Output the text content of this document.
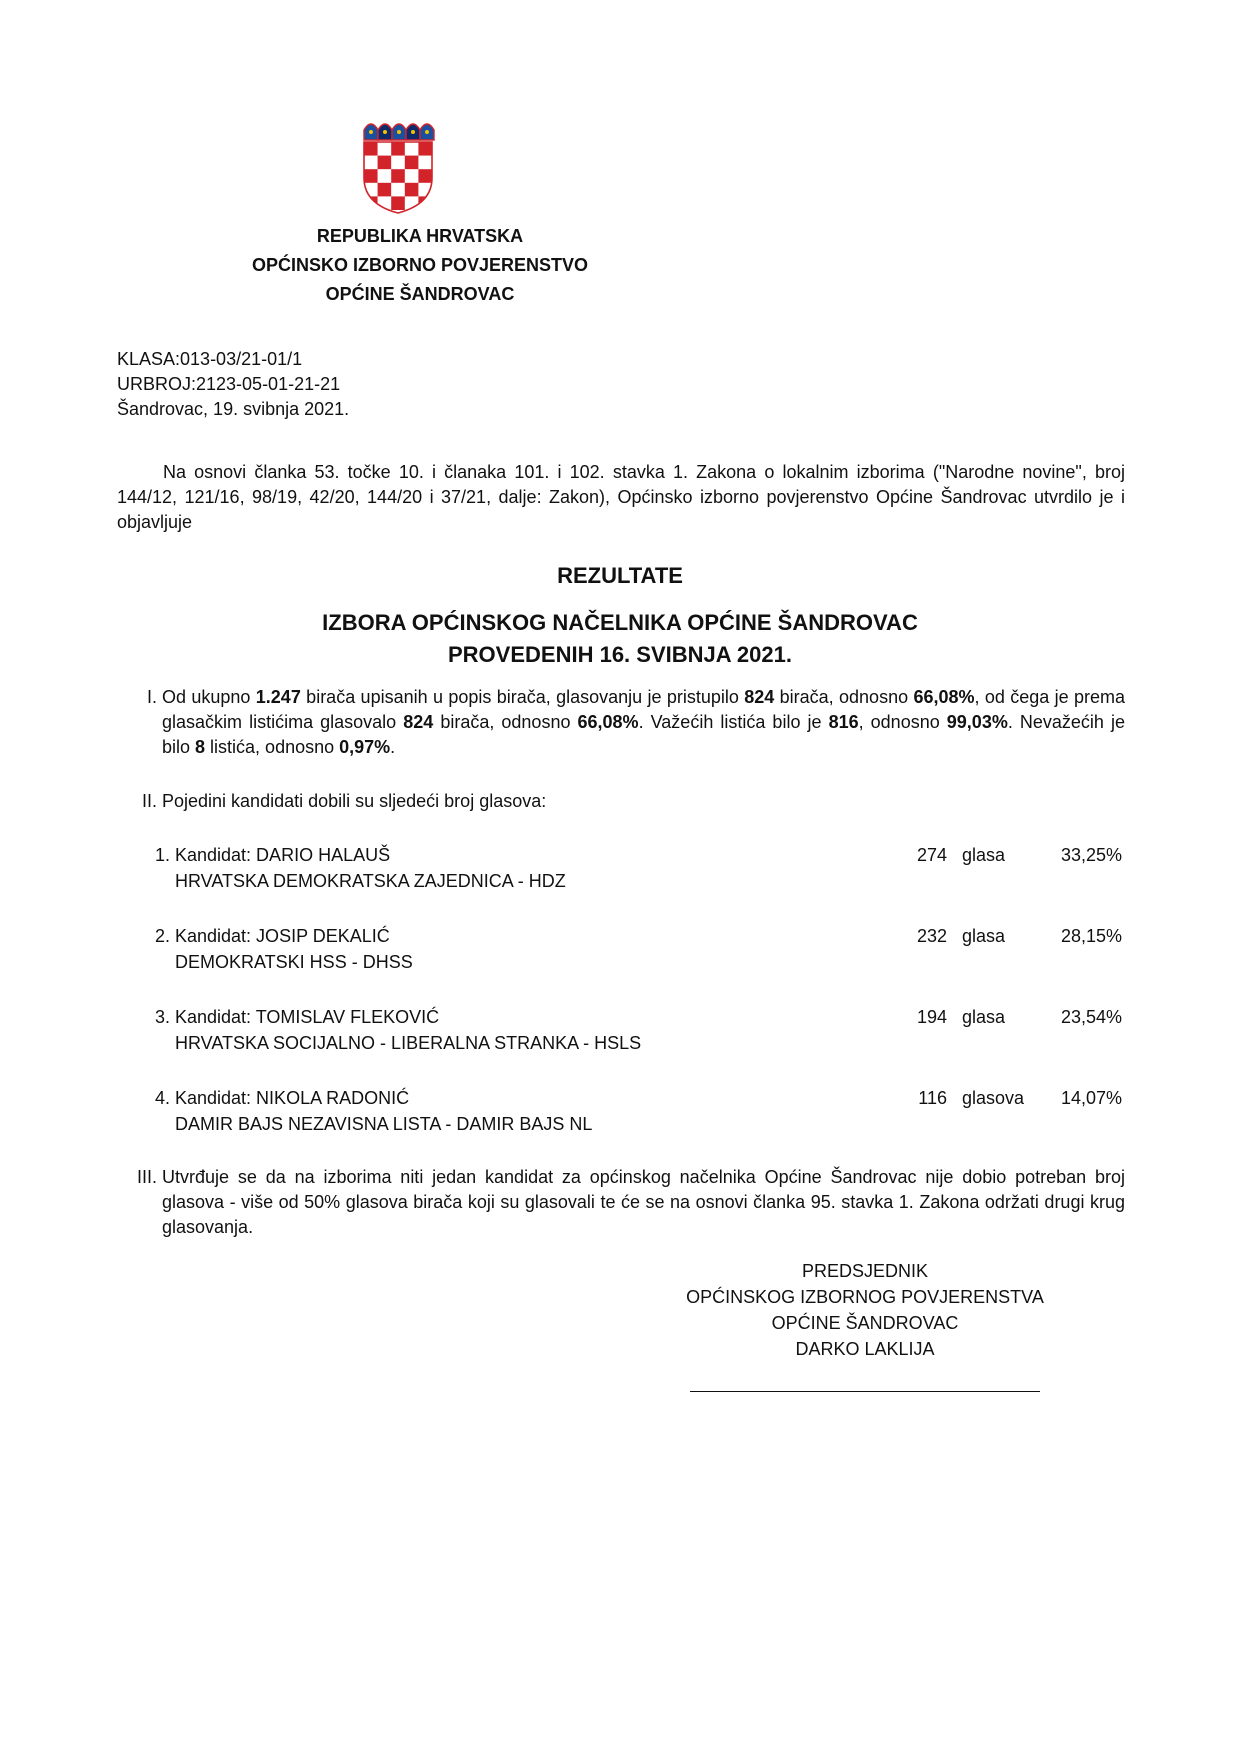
REPUBLIKA HRVATSKA
OPĆINSKO IZBORNO POVJERENSTVO
OPĆINE ŠANDROVAC
KLASA:013-03/21-01/1
URBROJ:2123-05-01-21-21
Šandrovac, 19. svibnja 2021.
Na osnovi članka 53. točke 10. i članaka 101. i 102. stavka 1. Zakona o lokalnim izborima ("Narodne novine", broj 144/12, 121/16, 98/19, 42/20, 144/20 i 37/21, dalje: Zakon), Općinsko izborno povjerenstvo Općine Šandrovac utvrdilo je i objavljuje
REZULTATE
IZBORA OPĆINSKOG NAČELNIKA OPĆINE ŠANDROVAC
PROVEDENIH 16. SVIBNJA 2021.
I. Od ukupno 1.247 birača upisanih u popis birača, glasovanju je pristupilo 824 birača, odnosno 66,08%, od čega je prema glasačkim listićima glasovalo 824 birača, odnosno 66,08%. Važećih listića bilo je 816, odnosno 99,03%. Nevažećih je bilo 8 listića, odnosno 0,97%.
II. Pojedini kandidati dobili su sljedeći broj glasova:
1. Kandidat: DARIO HALAUŠ
HRVATSKA DEMOKRATSKA ZAJEDNICA - HDZ
274 glasa	33,25%
2. Kandidat: JOSIP DEKALIĆ
DEMOKRATSKI HSS - DHSS
232 glasa	28,15%
3. Kandidat: TOMISLAV FLEKOVIĆ
HRVATSKA SOCIJALNO - LIBERALNA STRANKA - HSLS
194 glasa	23,54%
4. Kandidat: NIKOLA RADONIĆ
DAMIR BAJS NEZAVISNA LISTA - DAMIR BAJS NL
116 glasova	14,07%
III. Utvrđuje se da na izborima niti jedan kandidat za općinskog načelnika Općine Šandrovac nije dobio potreban broj glasova - više od 50% glasova birača koji su glasovali te će se na osnovi članka 95. stavka 1. Zakona održati drugi krug glasovanja.
PREDSJEDNIK
OPĆINSKOG IZBORNOG POVJERENSTVA
OPĆINE ŠANDROVAC
DARKO LAKLIJA
